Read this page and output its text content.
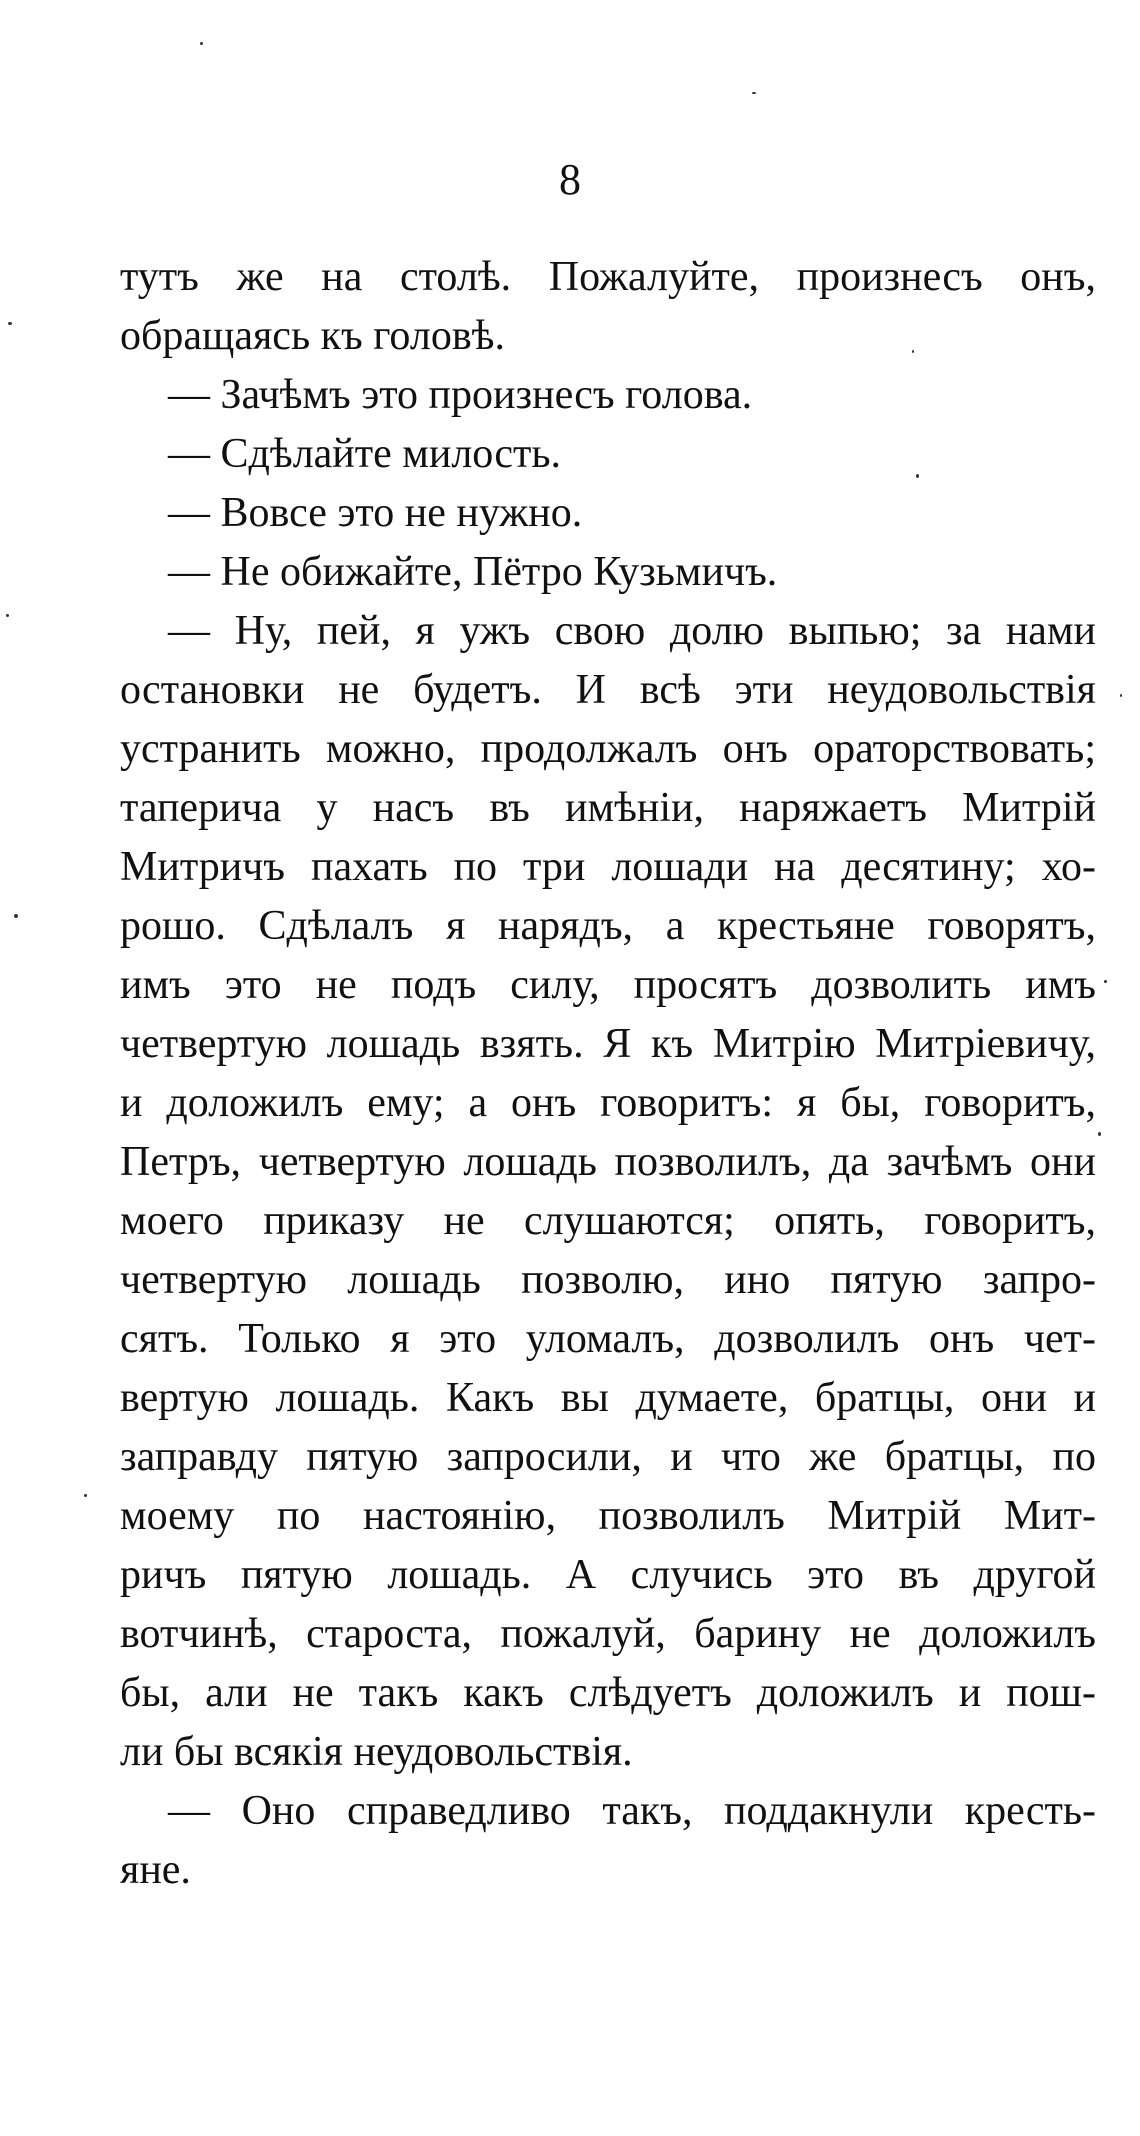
8
тутъ же на столѣ. Пожалуйте, произнесъ онъ,
обращаясь къ головѣ.
— Зачѣмъ это произнесъ голова.
— Сдѣлайте милость.
— Вовсе это не нужно.
— Не обижайте, Пётро Кузьмичъ.
— Ну, пей, я ужъ свою долю выпью; за нами
остановки не будетъ. И всѣ эти неудовольствія
устранить можно, продолжалъ онъ ораторствовать;
таперича у насъ въ имѣніи, наряжаетъ Митрій
Митричъ пахать по три лошади на десятину; хо-
рошо. Сдѣлалъ я нарядъ, а крестьяне говорятъ,
имъ это не подъ силу, просятъ дозволить имъ
четвертую лошадь взять. Я къ Митрію Митріевичу,
и доложилъ ему; а онъ говоритъ: я бы, говоритъ,
Петръ, четвертую лошадь позволилъ, да зачѣмъ они
моего приказу не слушаются; опять, говоритъ,
четвертую лошадь позволю, ино пятую запро-
сятъ. Только я это уломалъ, дозволилъ онъ чет-
вертую лошадь. Какъ вы думаете, братцы, они и
заправду пятую запросили, и что же братцы, по
моему по настоянію, позволилъ Митрій Мит-
ричъ пятую лошадь. А случись это въ другой
вотчинѣ, староста, пожалуй, барину не доложилъ
бы, али не такъ какъ слѣдуетъ доложилъ и пош-
ли бы всякія неудовольствія.
— Оно справедливо такъ, поддакнули кресть-
яне.
